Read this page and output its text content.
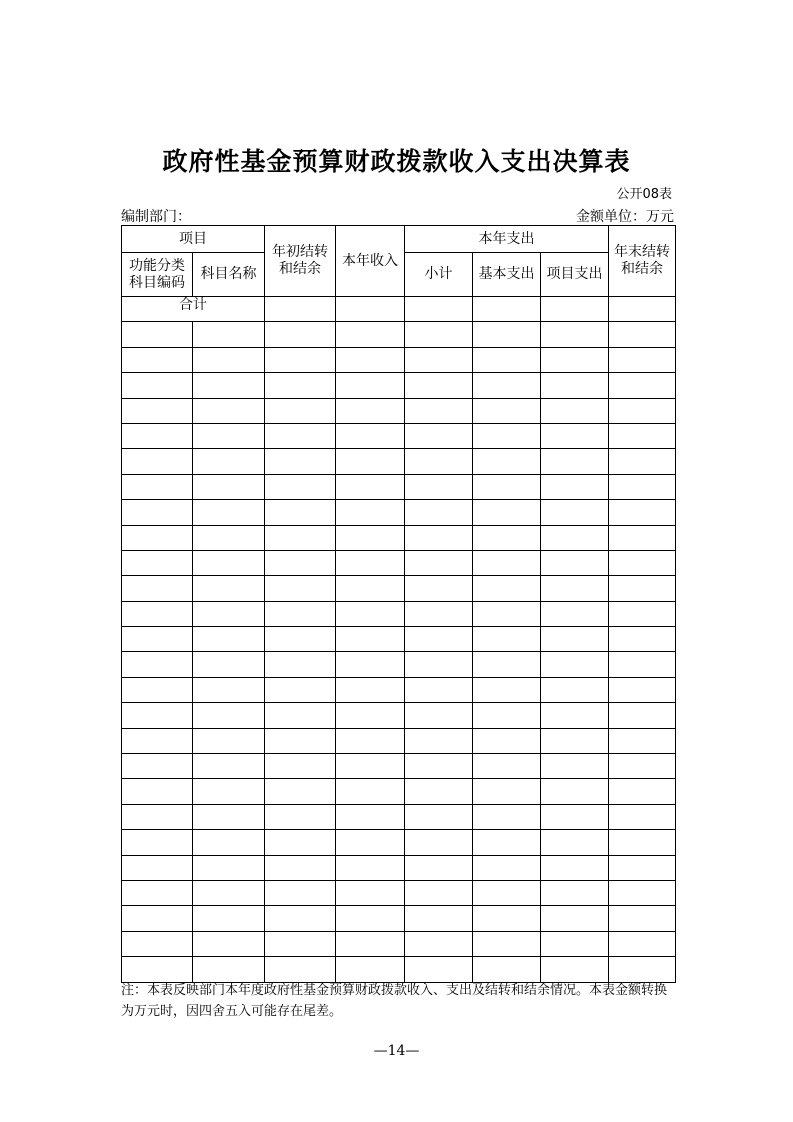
政府性基金预算财政拨款收入支出决算表
公开08表
编制部门：	金额单位：万元
项目		年初结转和结余	本年收入	本年支出			年末结转和结余

功能分类科目编码	科目名称			小计	基本支出	项目支出	
合计							

注：本表反映部门本年度政府性基金预算财政拨款收入、支出及结转和结余情况。本表金额转换为万元时，因四舍五入可能存在尾差。
—14—
